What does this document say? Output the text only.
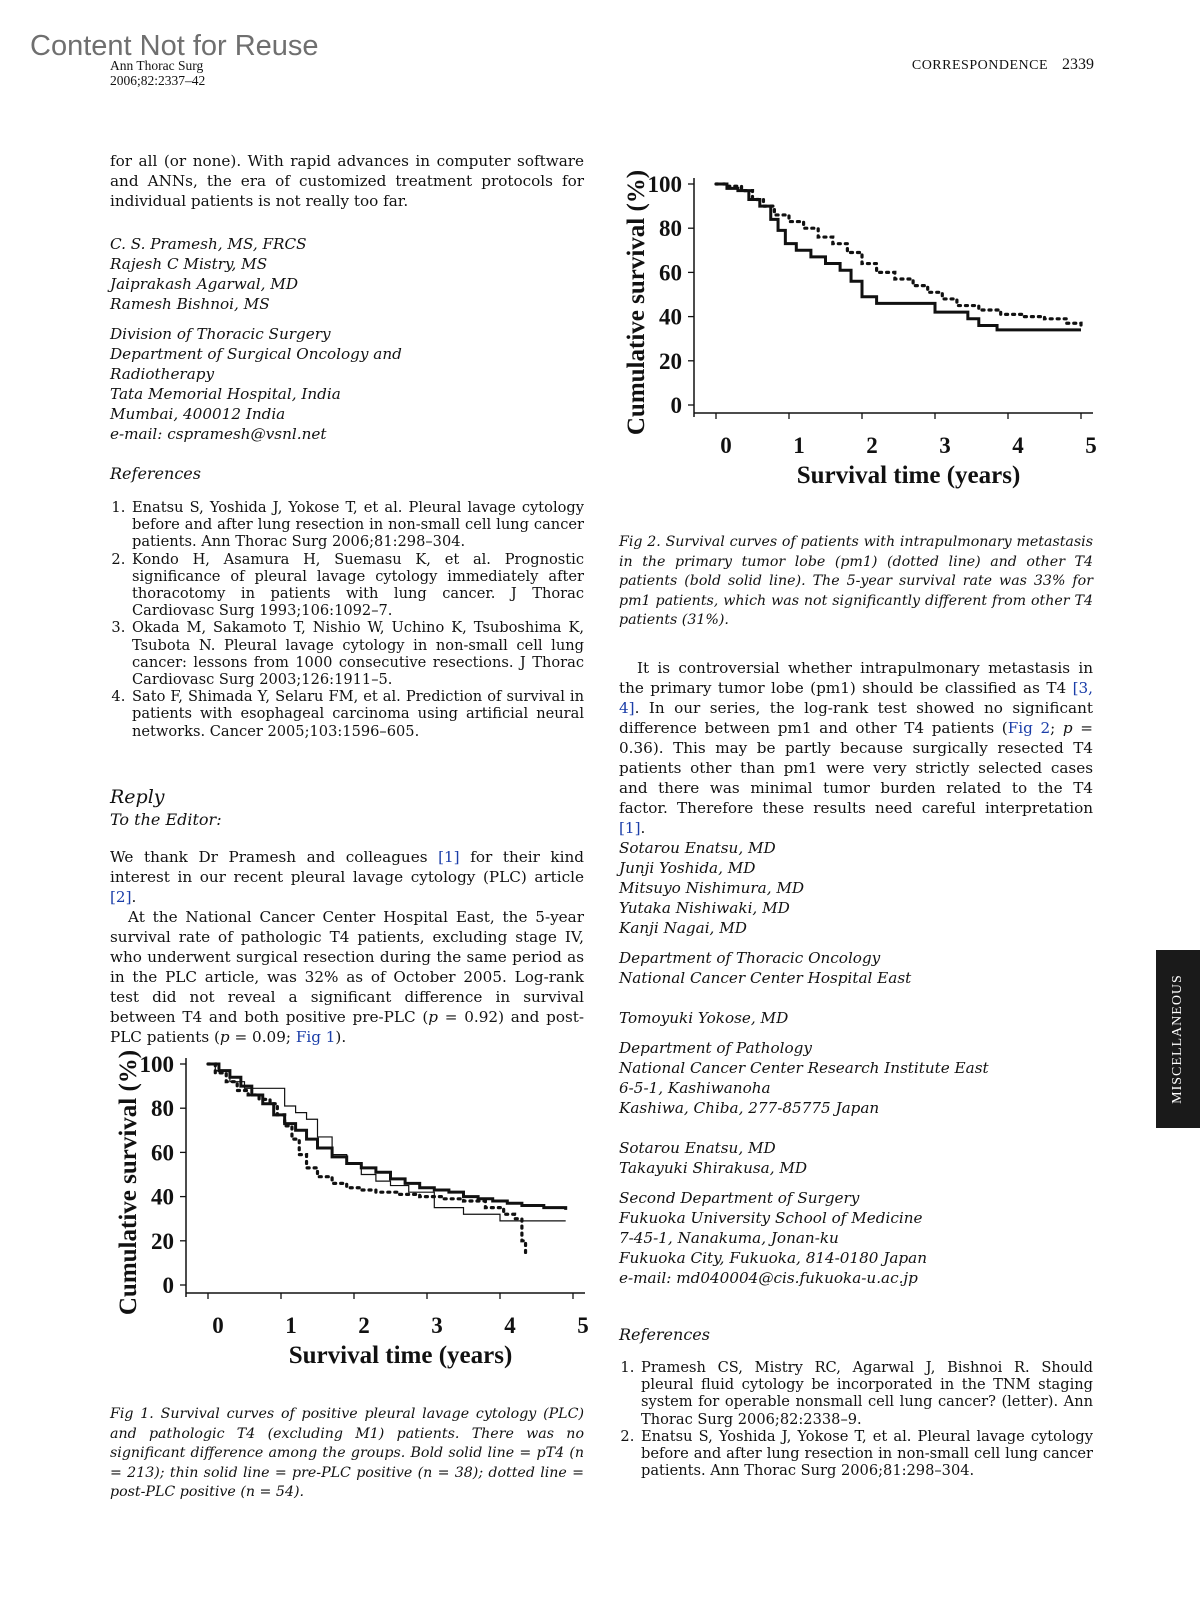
Content Not for Reuse
Ann Thorac Surg
2006;82:2337–42
CORRESPONDENCE 2339

for all (or none). With rapid advances in computer software and ANNs, the era of customized treatment protocols for individual patients is not really too far.

C. S. Pramesh, MS, FRCS
Rajesh C Mistry, MS
Jaiprakash Agarwal, MD
Ramesh Bishnoi, MS
Division of Thoracic Surgery
Department of Surgical Oncology and
Radiotherapy
Tata Memorial Hospital, India
Mumbai, 400012 India
e-mail: cspramesh@vsnl.net
References
1. Enatsu S, Yoshida J, Yokose T, et al. Pleural lavage cytology before and after lung resection in non-small cell lung cancer patients. Ann Thorac Surg 2006;81:298–304.
2. Kondo H, Asamura H, Suemasu K, et al. Prognostic significance of pleural lavage cytology immediately after thoracotomy in patients with lung cancer. J Thorac Cardiovasc Surg 1993;106:1092–7.
3. Okada M, Sakamoto T, Nishio W, Uchino K, Tsuboshima K, Tsubota N. Pleural lavage cytology in non-small cell lung cancer: lessons from 1000 consecutive resections. J Thorac Cardiovasc Surg 2003;126:1911–5.
4. Sato F, Shimada Y, Selaru FM, et al. Prediction of survival in patients with esophageal carcinoma using artificial neural networks. Cancer 2005;103:1596–605.
Reply
To the Editor:

We thank Dr Pramesh and colleagues [1] for their kind interest in our recent pleural lavage cytology (PLC) article [2].

At the National Cancer Center Hospital East, the 5-year survival rate of pathologic T4 patients, excluding stage IV, who underwent surgical resection during the same period as in the PLC article, was 32% as of October 2005. Log-rank test did not reveal a significant difference in survival between T4 and both positive pre-PLC (p = 0.92) and post-PLC patients (p = 0.09; Fig 1).

0
20
40
60
80
100
0	1	2	3	4	5
Survival time (years)
Cumulative survival (%)
Fig 1. Survival curves of positive pleural lavage cytology (PLC) and pathologic T4 (excluding M1) patients. There was no significant difference among the groups. Bold solid line = pT4 (n = 213); thin solid line = pre-PLC positive (n = 38); dotted line = post-PLC positive (n = 54).
0
20
40
60
80
100
0	1	2	3	4	5
Survival time (years)
Cumulative survival (%)
Fig 2. Survival curves of patients with intrapulmonary metastasis in the primary tumor lobe (pm1) (dotted line) and other T4 patients (bold solid line). The 5-year survival rate was 33% for pm1 patients, which was not significantly different from other T4 patients (31%).

It is controversial whether intrapulmonary metastasis in the primary tumor lobe (pm1) should be classified as T4 [3, 4]. In our series, the log-rank test showed no significant difference between pm1 and other T4 patients (Fig 2; p = 0.36). This may be partly because surgically resected T4 patients other than pm1 were very strictly selected cases and there was minimal tumor burden related to the T4 factor. Therefore these results need careful interpretation [1].

Sotarou Enatsu, MD
Junji Yoshida, MD
Mitsuyo Nishimura, MD
Yutaka Nishiwaki, MD
Kanji Nagai, MD
Department of Thoracic Oncology
National Cancer Center Hospital East
Tomoyuki Yokose, MD
Department of Pathology
National Cancer Center Research Institute East
6-5-1, Kashiwanoha
Kashiwa, Chiba, 277-85775 Japan
Sotarou Enatsu, MD
Takayuki Shirakusa, MD
Second Department of Surgery
Fukuoka University School of Medicine
7-45-1, Nanakuma, Jonan-ku
Fukuoka City, Fukuoka, 814-0180 Japan
e-mail: md040004@cis.fukuoka-u.ac.jp
References
1. Pramesh CS, Mistry RC, Agarwal J, Bishnoi R. Should pleural fluid cytology be incorporated in the TNM staging system for operable nonsmall cell lung cancer? (letter). Ann Thorac Surg 2006;82:2338–9.
2. Enatsu S, Yoshida J, Yokose T, et al. Pleural lavage cytology before and after lung resection in non-small cell lung cancer patients. Ann Thorac Surg 2006;81:298–304.
MISCELLANEOUS
